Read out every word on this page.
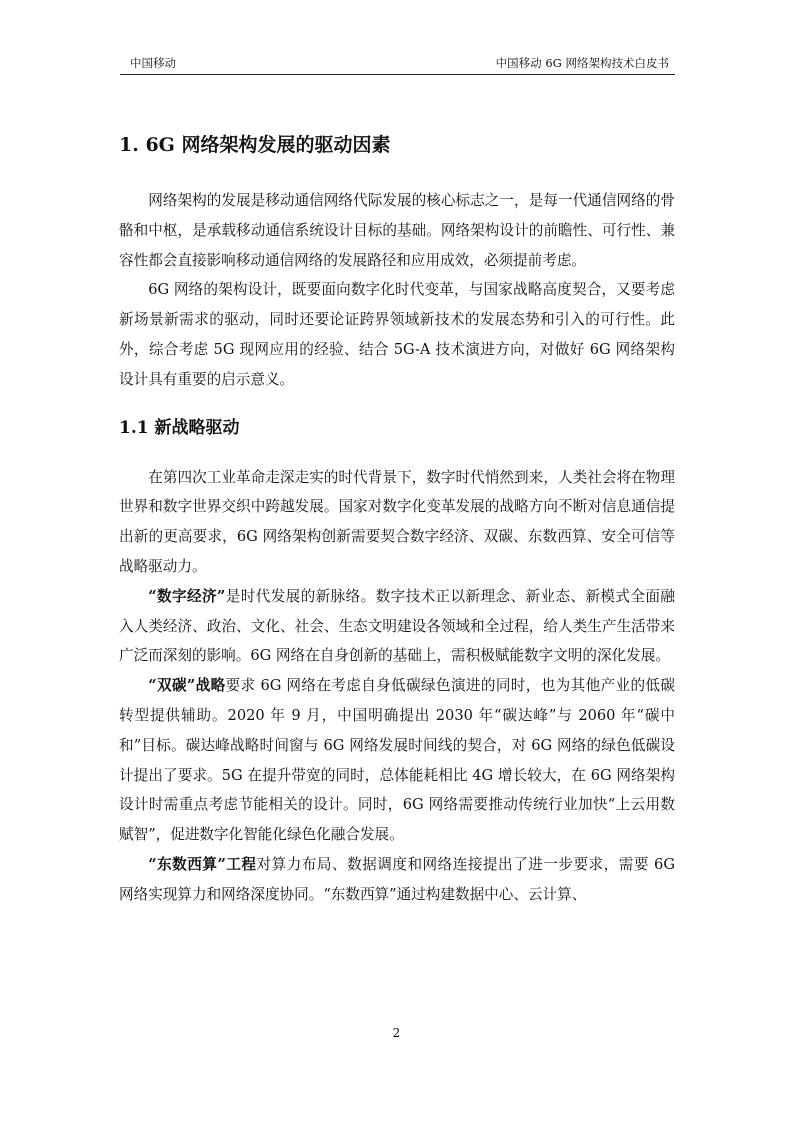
中国移动	中国移动 6G 网络架构技术白皮书
1. 6G 网络架构发展的驱动因素

网络架构的发展是移动通信网络代际发展的核心标志之一，是每一代通信网络的骨骼和中枢，是承载移动通信系统设计目标的基础。网络架构设计的前瞻性、可行性、兼容性都会直接影响移动通信网络的发展路径和应用成效，必须提前考虑。

6G 网络的架构设计，既要面向数字化时代变革，与国家战略高度契合，又要考虑新场景新需求的驱动，同时还要论证跨界领域新技术的发展态势和引入的可行性。此外，综合考虑 5G 现网应用的经验、结合 5G-A 技术演进方向，对做好 6G 网络架构设计具有重要的启示意义。

1.1 新战略驱动

在第四次工业革命走深走实的时代背景下，数字时代悄然到来，人类社会将在物理世界和数字世界交织中跨越发展。国家对数字化变革发展的战略方向不断对信息通信提出新的更高要求，6G 网络架构创新需要契合数字经济、双碳、东数西算、安全可信等战略驱动力。

“数字经济”是时代发展的新脉络。数字技术正以新理念、新业态、新模式全面融入人类经济、政治、文化、社会、生态文明建设各领域和全过程，给人类生产生活带来广泛而深刻的影响。6G 网络在自身创新的基础上，需积极赋能数字文明的深化发展。

“双碳”战略要求 6G 网络在考虑自身低碳绿色演进的同时，也为其他产业的低碳转型提供辅助。2020 年 9 月，中国明确提出 2030 年“碳达峰”与 2060 年“碳中和”目标。碳达峰战略时间窗与 6G 网络发展时间线的契合，对 6G 网络的绿色低碳设计提出了要求。5G 在提升带宽的同时，总体能耗相比 4G 增长较大，在 6G 网络架构设计时需重点考虑节能相关的设计。同时，6G 网络需要推动传统行业加快“上云用数赋智”，促进数字化智能化绿色化融合发展。

“东数西算”工程对算力布局、数据调度和网络连接提出了进一步要求，需要 6G 网络实现算力和网络深度协同。“东数西算”通过构建数据中心、云计算、

2
